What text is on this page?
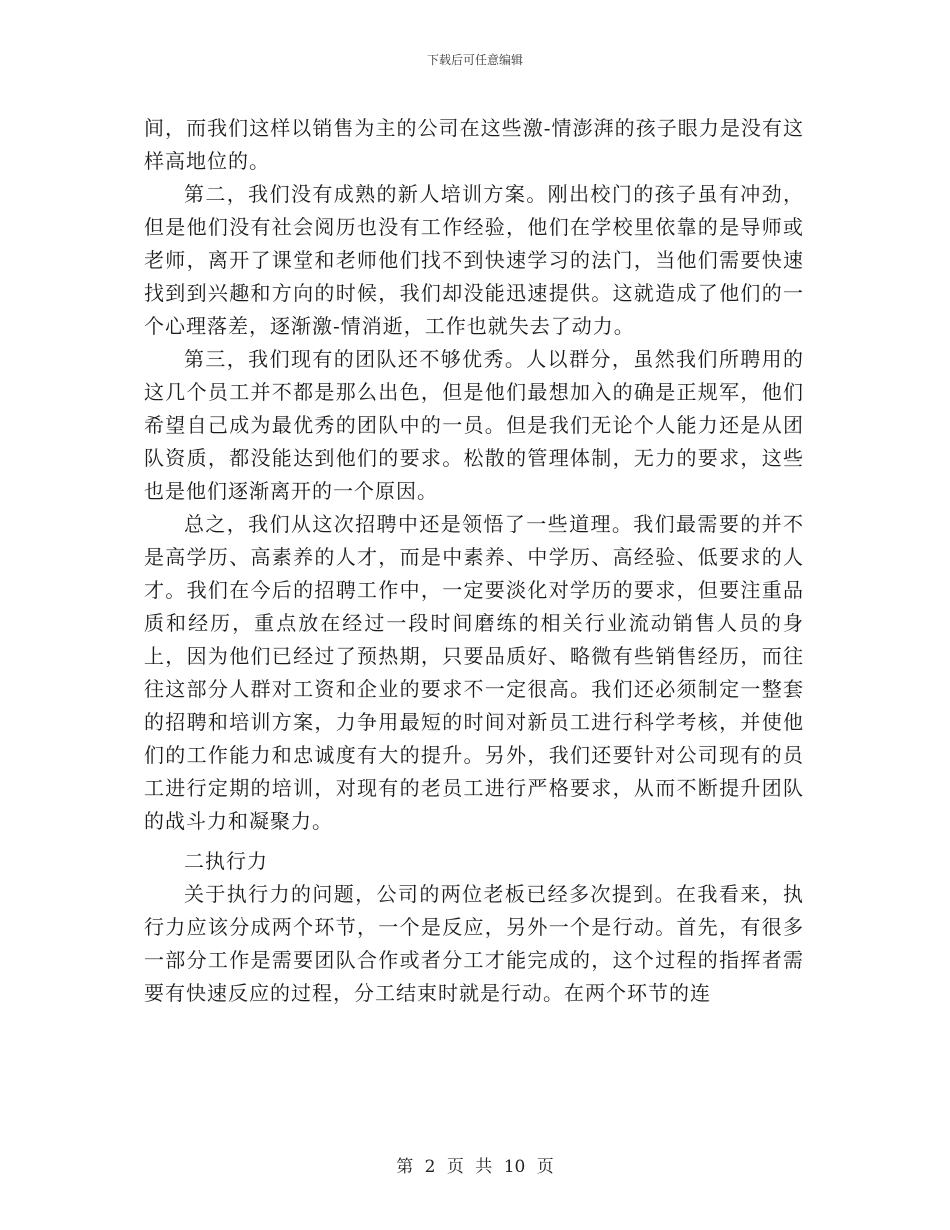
下载后可任意编辑

间，而我们这样以销售为主的公司在这些激-情澎湃的孩子眼力是没有这样高地位的。

第二，我们没有成熟的新人培训方案。刚出校门的孩子虽有冲劲，但是他们没有社会阅历也没有工作经验，他们在学校里依靠的是导师或老师，离开了课堂和老师他们找不到快速学习的法门，当他们需要快速找到到兴趣和方向的时候，我们却没能迅速提供。这就造成了他们的一个心理落差，逐渐激-情消逝，工作也就失去了动力。

第三，我们现有的团队还不够优秀。人以群分，虽然我们所聘用的这几个员工并不都是那么出色，但是他们最想加入的确是正规军，他们希望自己成为最优秀的团队中的一员。但是我们无论个人能力还是从团队资质，都没能达到他们的要求。松散的管理体制，无力的要求，这些也是他们逐渐离开的一个原因。

总之，我们从这次招聘中还是领悟了一些道理。我们最需要的并不是高学历、高素养的人才，而是中素养、中学历、高经验、低要求的人才。我们在今后的招聘工作中，一定要淡化对学历的要求，但要注重品质和经历，重点放在经过一段时间磨练的相关行业流动销售人员的身上，因为他们已经过了预热期，只要品质好、略微有些销售经历，而往往这部分人群对工资和企业的要求不一定很高。我们还必须制定一整套的招聘和培训方案，力争用最短的时间对新员工进行科学考核，并使他们的工作能力和忠诚度有大的提升。另外，我们还要针对公司现有的员工进行定期的培训，对现有的老员工进行严格要求，从而不断提升团队的战斗力和凝聚力。

二执行力

关于执行力的问题，公司的两位老板已经多次提到。在我看来，执行力应该分成两个环节，一个是反应，另外一个是行动。首先，有很多一部分工作是需要团队合作或者分工才能完成的，这个过程的指挥者需要有快速反应的过程，分工结束时就是行动。在两个环节的连

第 2 页 共 10 页
